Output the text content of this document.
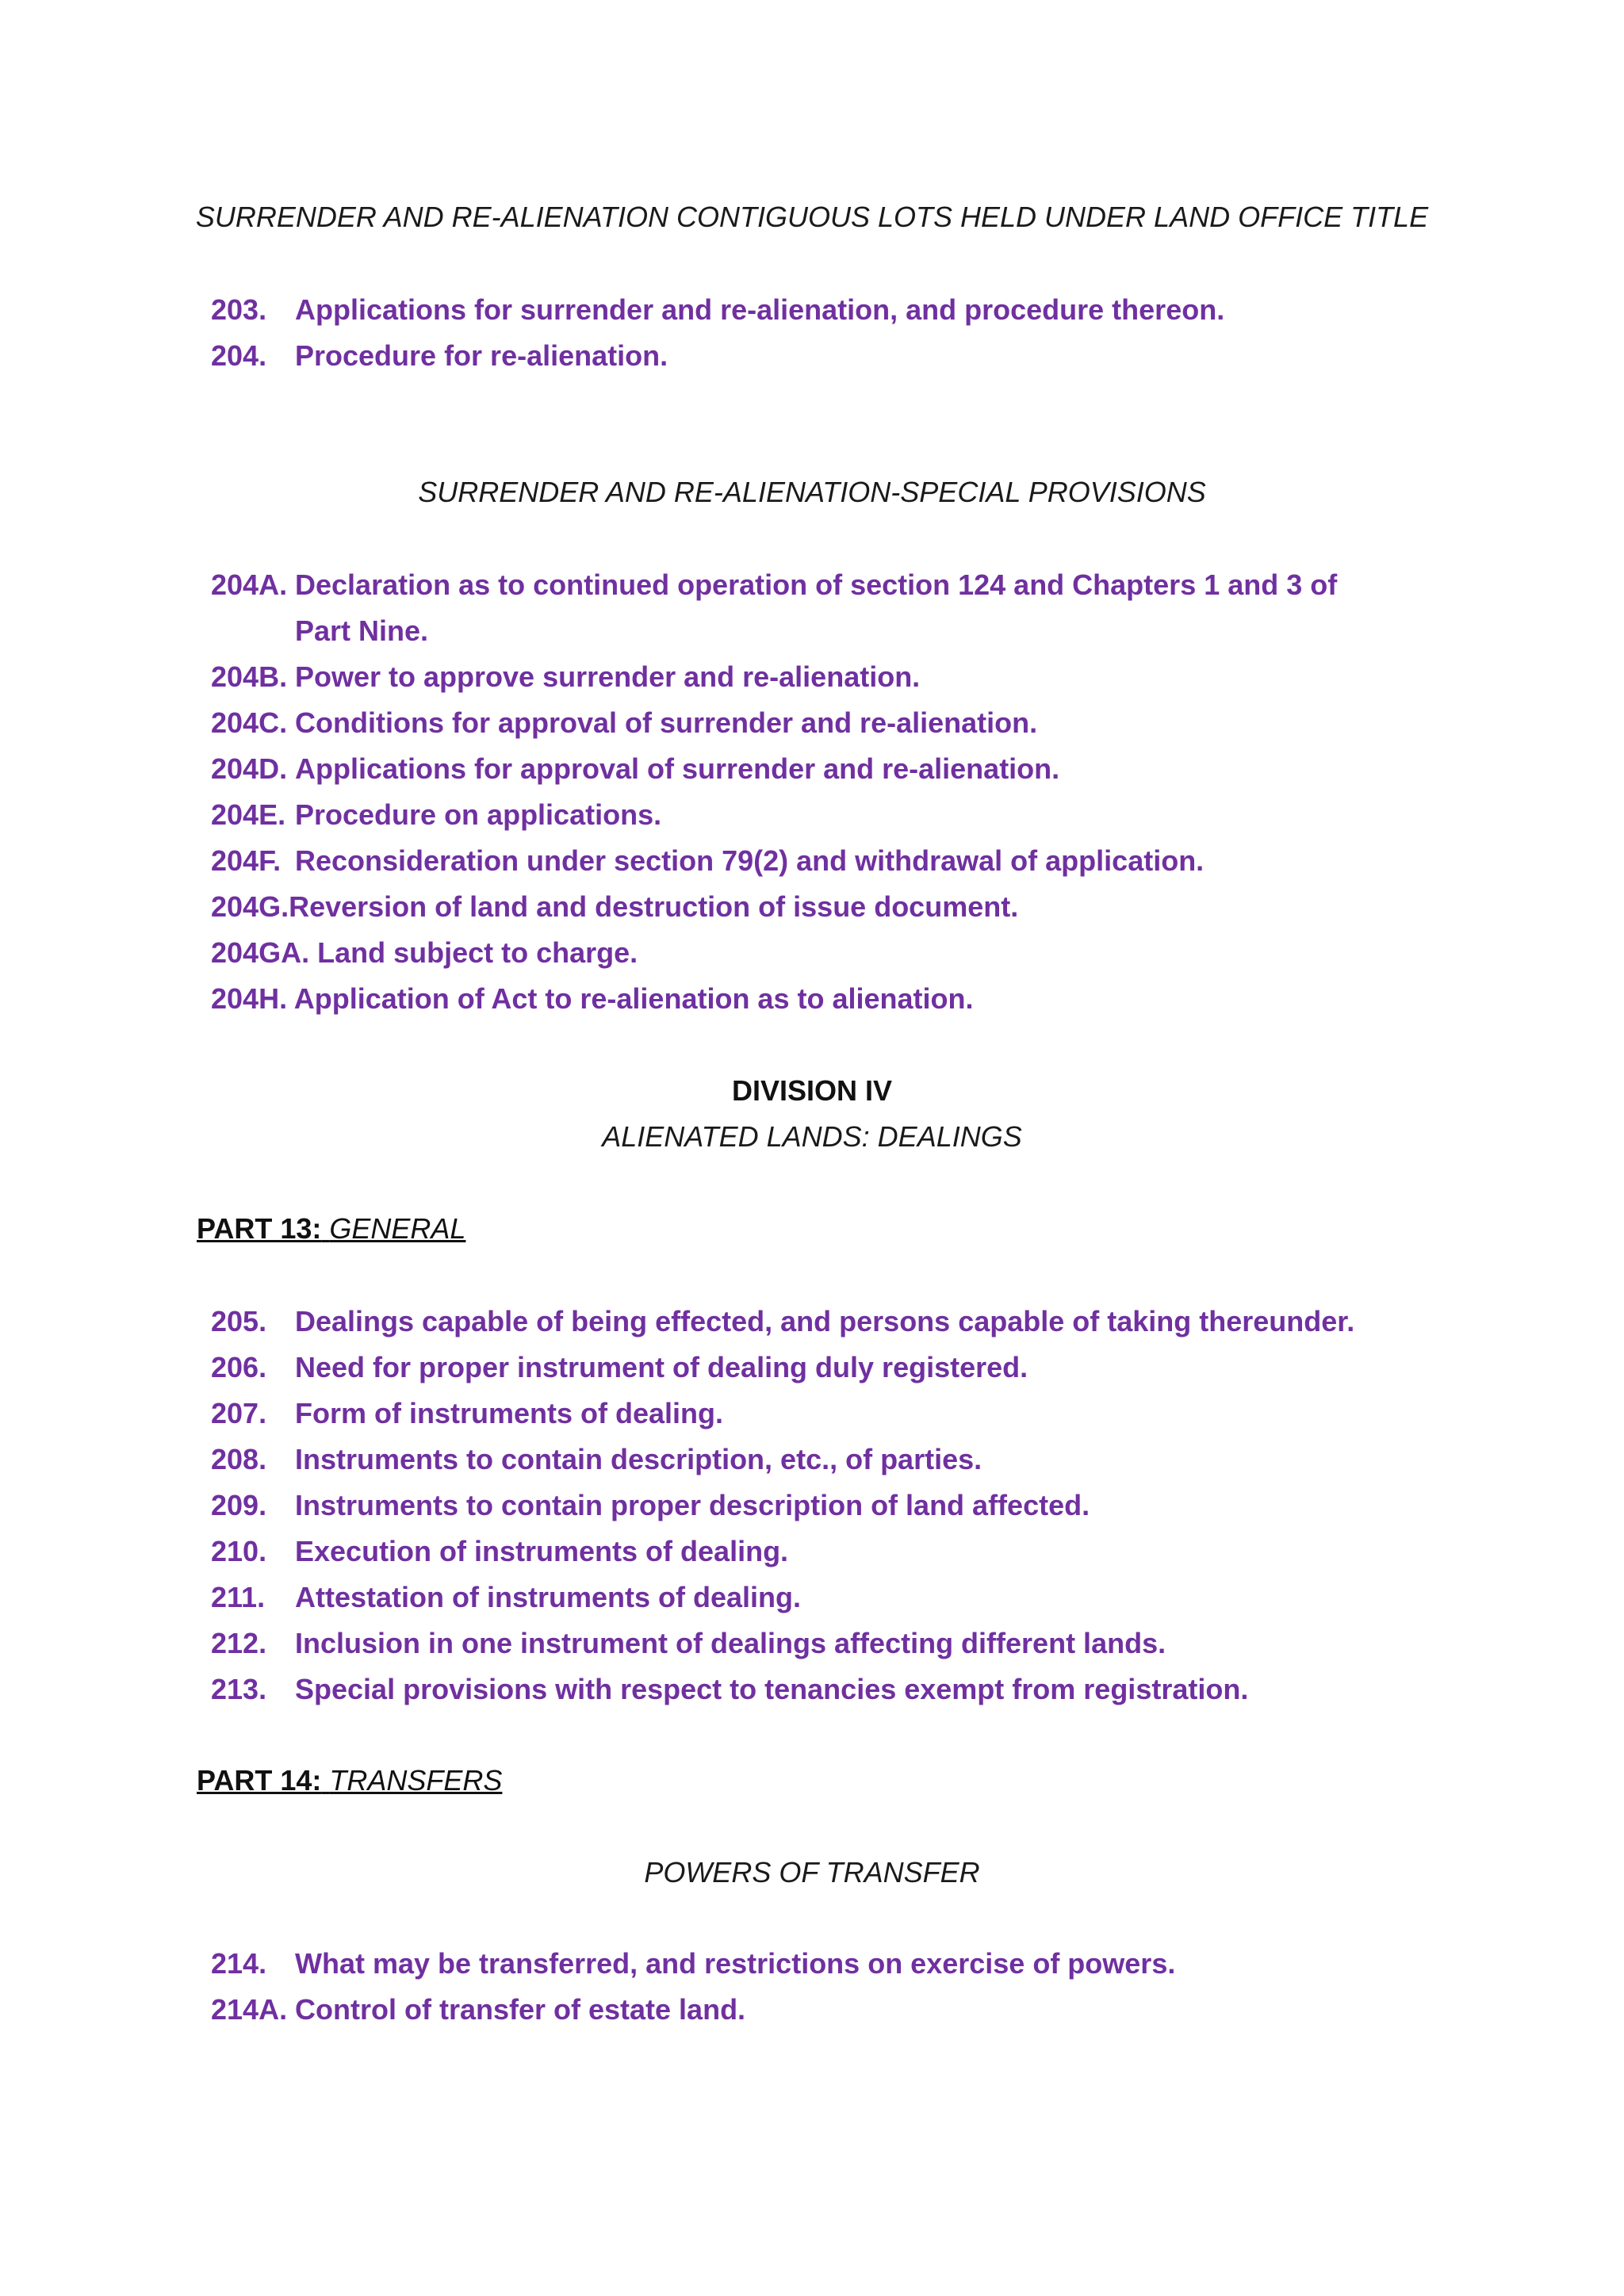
SURRENDER AND RE-ALIENATION CONTIGUOUS LOTS HELD UNDER LAND OFFICE TITLE
203. Applications for surrender and re-alienation, and procedure thereon.
204. Procedure for re-alienation.
SURRENDER AND RE-ALIENATION-SPECIAL PROVISIONS
204A. Declaration as to continued operation of section 124 and Chapters 1 and 3 of
Part Nine.
204B. Power to approve surrender and re-alienation.
204C. Conditions for approval of surrender and re-alienation.
204D. Applications for approval of surrender and re-alienation.
204E. Procedure on applications.
204F. Reconsideration under section 79(2) and withdrawal of application.
204G.Reversion of land and destruction of issue document.
204GA. Land subject to charge.
204H. Application of Act to re-alienation as to alienation.
DIVISION IV
ALIENATED LANDS: DEALINGS
PART 13: GENERAL
205. Dealings capable of being effected, and persons capable of taking thereunder.
206. Need for proper instrument of dealing duly registered.
207. Form of instruments of dealing.
208. Instruments to contain description, etc., of parties.
209. Instruments to contain proper description of land affected.
210. Execution of instruments of dealing.
211. Attestation of instruments of dealing.
212. Inclusion in one instrument of dealings affecting different lands.
213. Special provisions with respect to tenancies exempt from registration.
PART 14: TRANSFERS
POWERS OF TRANSFER
214. What may be transferred, and restrictions on exercise of powers.
214A. Control of transfer of estate land.
